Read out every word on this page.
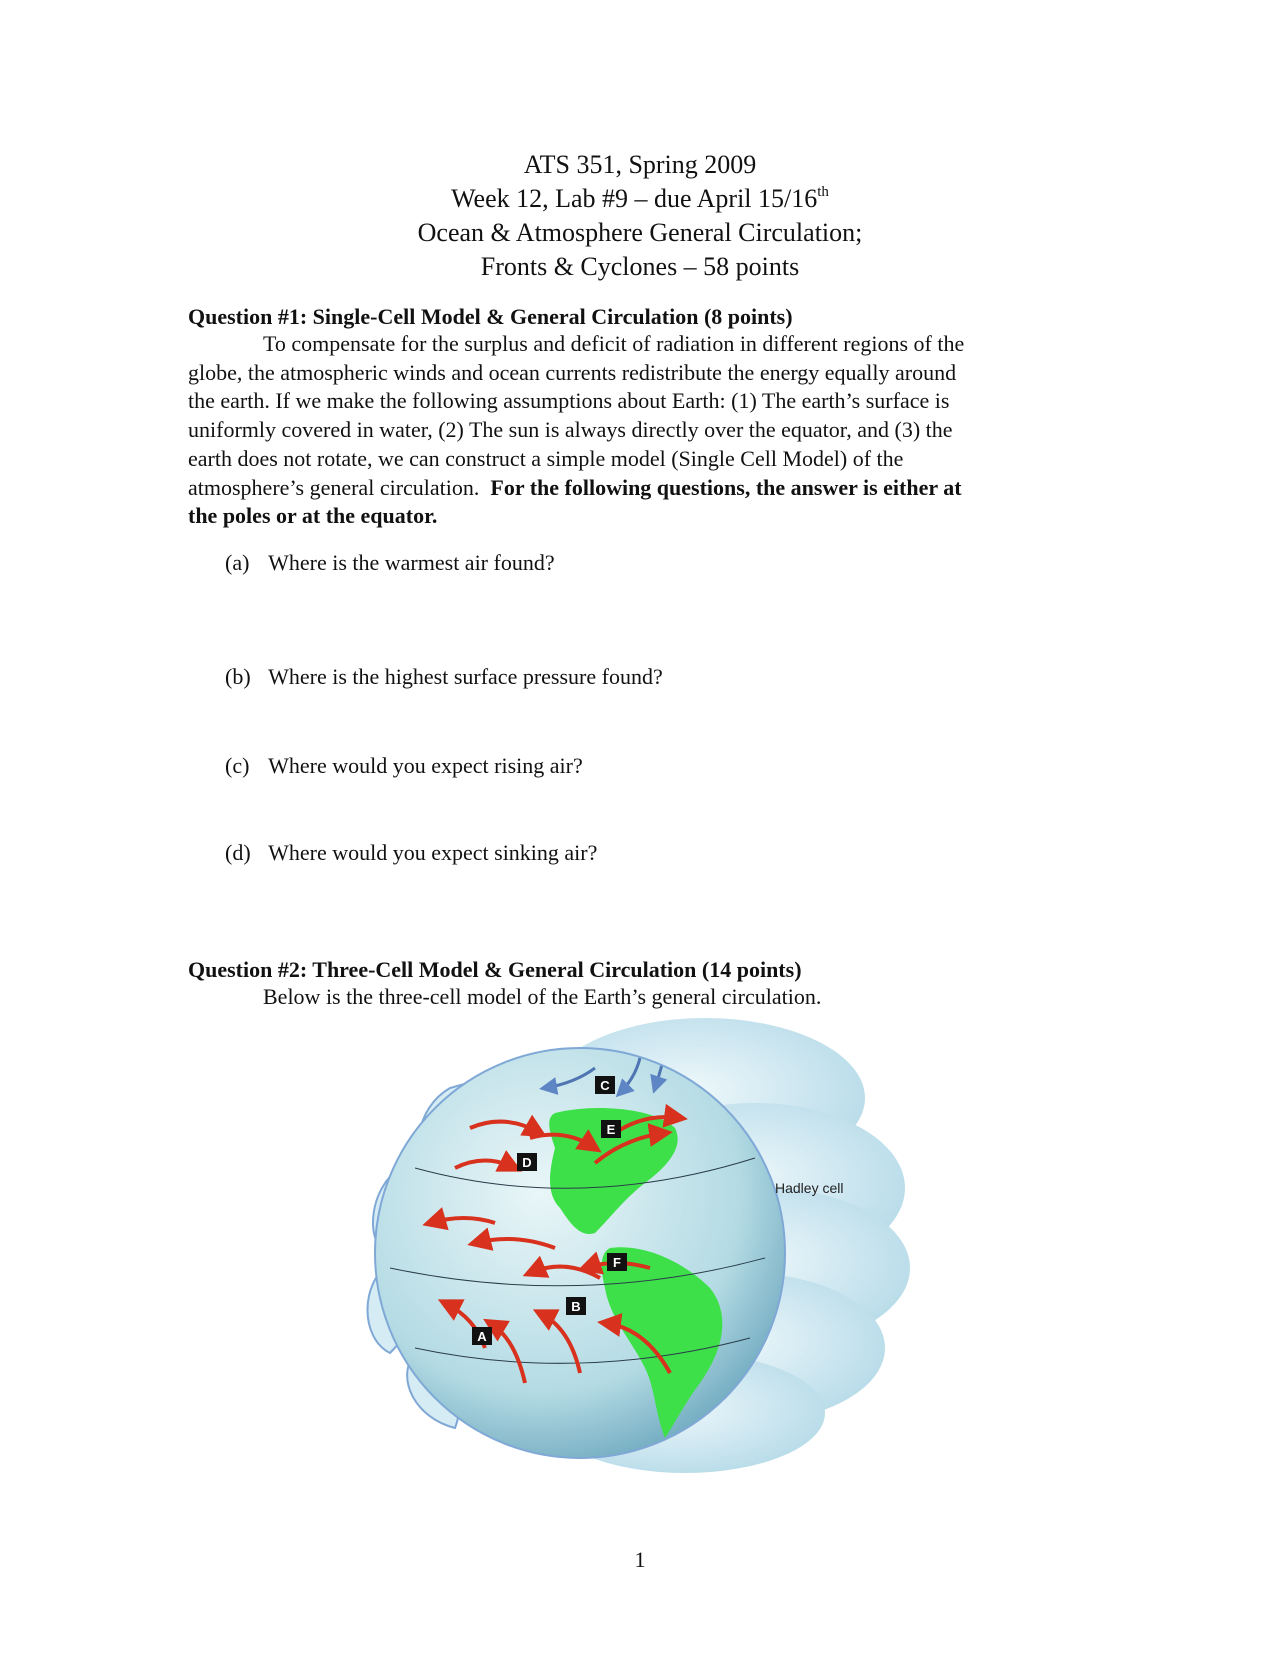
ATS 351, Spring 2009
Week 12, Lab #9 – due April 15/16th
Ocean & Atmosphere General Circulation;
Fronts & Cyclones – 58 points
Question #1: Single-Cell Model & General Circulation (8 points)
To compensate for the surplus and deficit of radiation in different regions of the
globe, the atmospheric winds and ocean currents redistribute the energy equally around
the earth. If we make the following assumptions about Earth: (1) The earth’s surface is
uniformly covered in water, (2) The sun is always directly over the equator, and (3) the
earth does not rotate, we can construct a simple model (Single Cell Model) of the
atmosphere’s general circulation. For the following questions, the answer is either at
the poles or at the equator.
(a) Where is the warmest air found?
(b) Where is the highest surface pressure found?
(c) Where would you expect rising air?
(d) Where would you expect sinking air?
Question #2: Three-Cell Model & General Circulation (14 points)
Below is the three-cell model of the Earth’s general circulation.
C
E
D
F
B
A
Hadley cell
1
